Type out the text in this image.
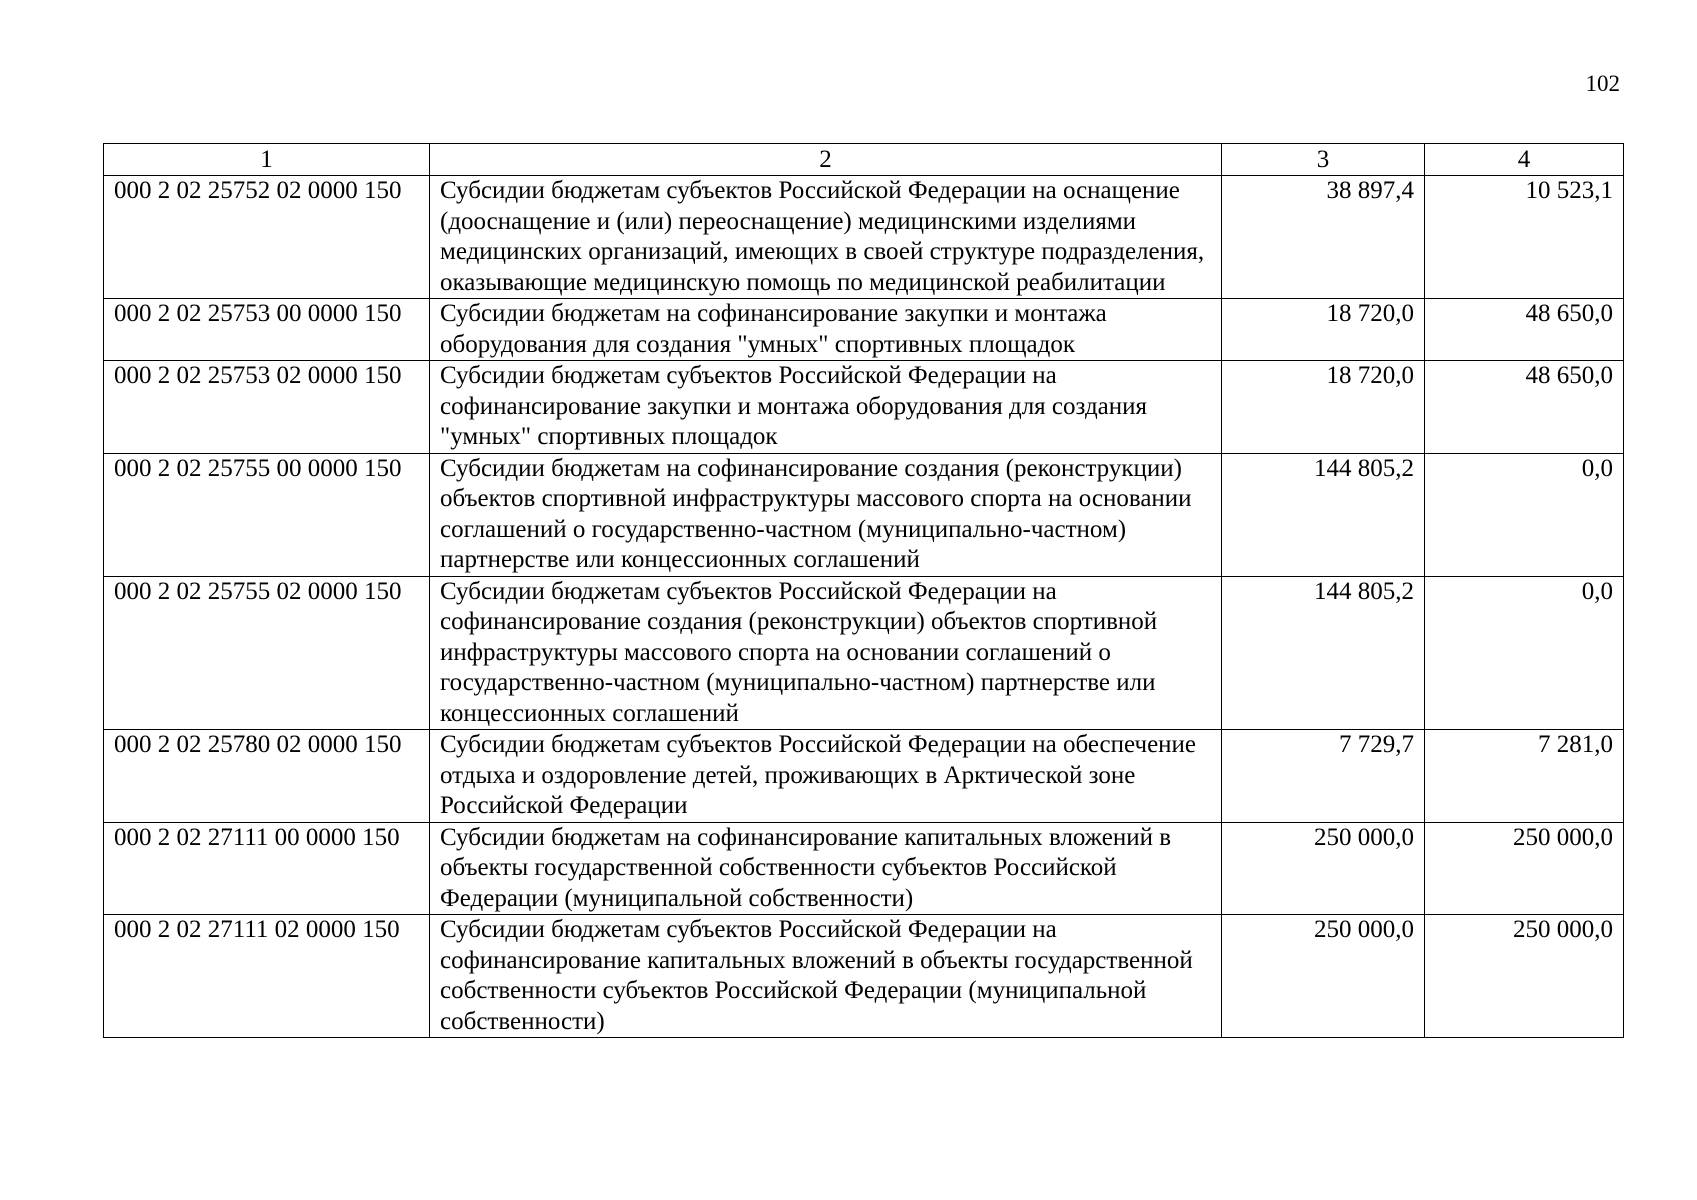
102
1	2	3	4
000 2 02 25752 02 0000 150	Субсидии бюджетам субъектов Российской Федерации на оснащение (дооснащение и (или) переоснащение) медицинскими изделиями медицинских организаций, имеющих в своей структуре подразделения, оказывающие медицинскую помощь по медицинской реабилитации	38 897,4	10 523,1
000 2 02 25753 00 0000 150	Субсидии бюджетам на софинансирование закупки и монтажа оборудования для создания "умных" спортивных площадок	18 720,0	48 650,0
000 2 02 25753 02 0000 150	Субсидии бюджетам субъектов Российской Федерации на софинансирование закупки и монтажа оборудования для создания "умных" спортивных площадок	18 720,0	48 650,0
000 2 02 25755 00 0000 150	Субсидии бюджетам на софинансирование создания (реконструкции) объектов спортивной инфраструктуры массового спорта на основании соглашений о государственно-частном (муниципально-частном) партнерстве или концессионных соглашений	144 805,2	0,0
000 2 02 25755 02 0000 150	Субсидии бюджетам субъектов Российской Федерации на софинансирование создания (реконструкции) объектов спортивной инфраструктуры массового спорта на основании соглашений о государственно-частном (муниципально-частном) партнерстве или концессионных соглашений	144 805,2	0,0
000 2 02 25780 02 0000 150	Субсидии бюджетам субъектов Российской Федерации на обеспечение отдыха и оздоровление детей, проживающих в Арктической зоне Российской Федерации	7 729,7	7 281,0
000 2 02 27111 00 0000 150	Субсидии бюджетам на софинансирование капитальных вложений в объекты государственной собственности субъектов Российской Федерации (муниципальной собственности)	250 000,0	250 000,0
000 2 02 27111 02 0000 150	Субсидии бюджетам субъектов Российской Федерации на софинансирование капитальных вложений в объекты государственной собственности субъектов Российской Федерации (муниципальной собственности)	250 000,0	250 000,0
